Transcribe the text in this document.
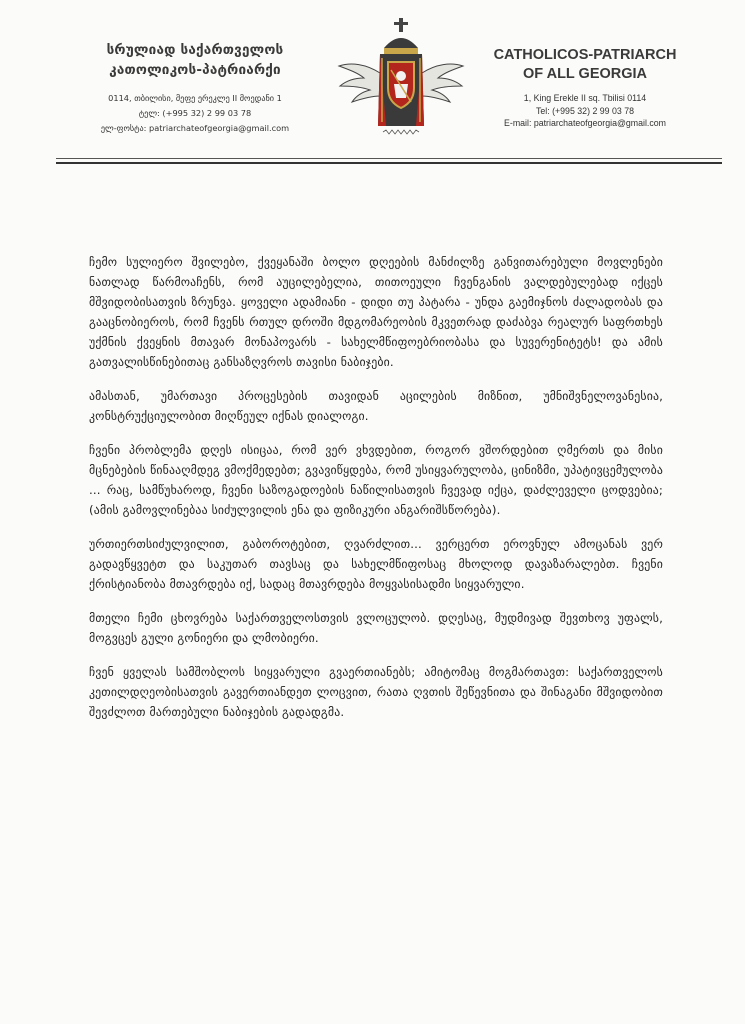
სრულიად საქართველოს
კათოლიკოს-პატრიარქი
0114, თბილისი, მეფე ერეკლე II მოედანი 1
ტელ: (+995 32) 2 99 03 78
ელ-ფოსტა: patriarchateofgeorgia@gmail.com
CATHOLICOS-PATRIARCH
OF ALL GEORGIA
1, King Erekle II sq. Tbilisi 0114
Tel: (+995 32) 2 99 03 78
E-mail: patriarchateofgeorgia@gmail.com

ჩემო სულიერო შვილებო, ქვეყანაში ბოლო დღეების მანძილზე განვითარებული მოვლენები ნათლად წარმოაჩენს, რომ აუცილებელია, თითოეული ჩვენგანის ვალდებულებად იქცეს მშვიდობისათვის ზრუნვა. ყოველი ადამიანი - დიდი თუ პატარა - უნდა გაემიჯნოს ძალადობას და გააცნობიეროს, რომ ჩვენს რთულ დროში მდგომარეობის მკვეთრად დაძაბვა რეალურ საფრთხეს უქმნის ქვეყნის მთავარ მონაპოვარს - სახელმწიფოებრიობასა და სუვერენიტეტს! და ამის გათვალისწინებითაც განსაზღვროს თავისი ნაბიჯები.

ამასთან, უმართავი პროცესების თავიდან აცილების მიზნით, უმნიშვნელოვანესია, კონსტრუქციულობით მიღწეულ იქნას დიალოგი.

ჩვენი პრობლემა დღეს ისიცაა, რომ ვერ ვხვდებით, როგორ ვშორდებით ღმერთს და მისი მცნებების წინააღმდეგ ვმოქმედებთ; გვავიწყდება, რომ უსიყვარულობა, ცინიზმი, უპატივცემულობა ... რაც, სამწუხაროდ, ჩვენი საზოგადოების ნაწილისათვის ჩვევად იქცა, დაძლეველი ცოდვებია; (ამის გამოვლინებაა სიძულვილის ენა და ფიზიკური ანგარიშსწორება).

ურთიერთსიძულვილით, გაბოროტებით, ღვარძლით... ვერცერთ ეროვნულ ამოცანას ვერ გადავწყვეტთ და საკუთარ თავსაც და სახელმწიფოსაც მხოლოდ დავაზარალებთ. ჩვენი ქრისტიანობა მთავრდება იქ, სადაც მთავრდება მოყვასისადმი სიყვარული.

მთელი ჩემი ცხოვრება საქართველოსთვის ვლოცულობ. დღესაც, მუდმივად შევთხოვ უფალს, მოგვცეს გული გონიერი და ლმობიერი.

ჩვენ ყველას სამშობლოს სიყვარული გვაერთიანებს; ამიტომაც მოგმართავთ: საქართველოს კეთილდღეობისათვის გავერთიანდეთ ლოცვით, რათა ღვთის შეწევნითა და შინაგანი მშვიდობით შევძლოთ მართებული ნაბიჯების გადადგმა.
